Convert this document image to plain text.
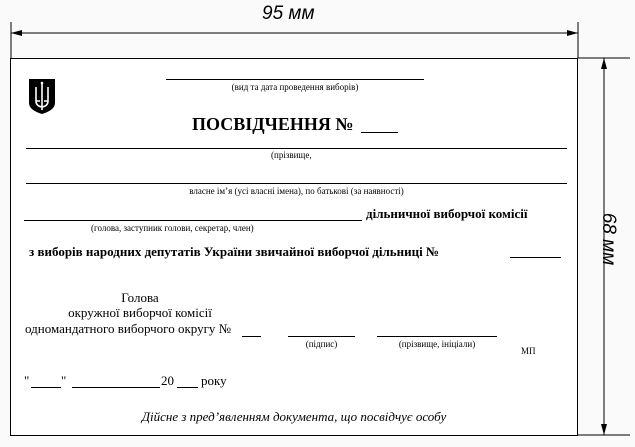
95 мм
68 мм
(вид та дата проведення виборів)
ПОСВІДЧЕННЯ №
(прізвище,
власне ім’я (усі власні імена), по батькові (за наявності)
дільничної виборчої комісії
(голова, заступник голови, секретар, член)
з виборів народних депутатів України звичайної виборчої дільниці №
Голова
окружної виборчої комісії
одномандатного виборчого округу №
(підпис)	(прізвище, ініціали)
МП
" "	20 року
Дійсне з пред’явленням документа, що посвідчує особу
